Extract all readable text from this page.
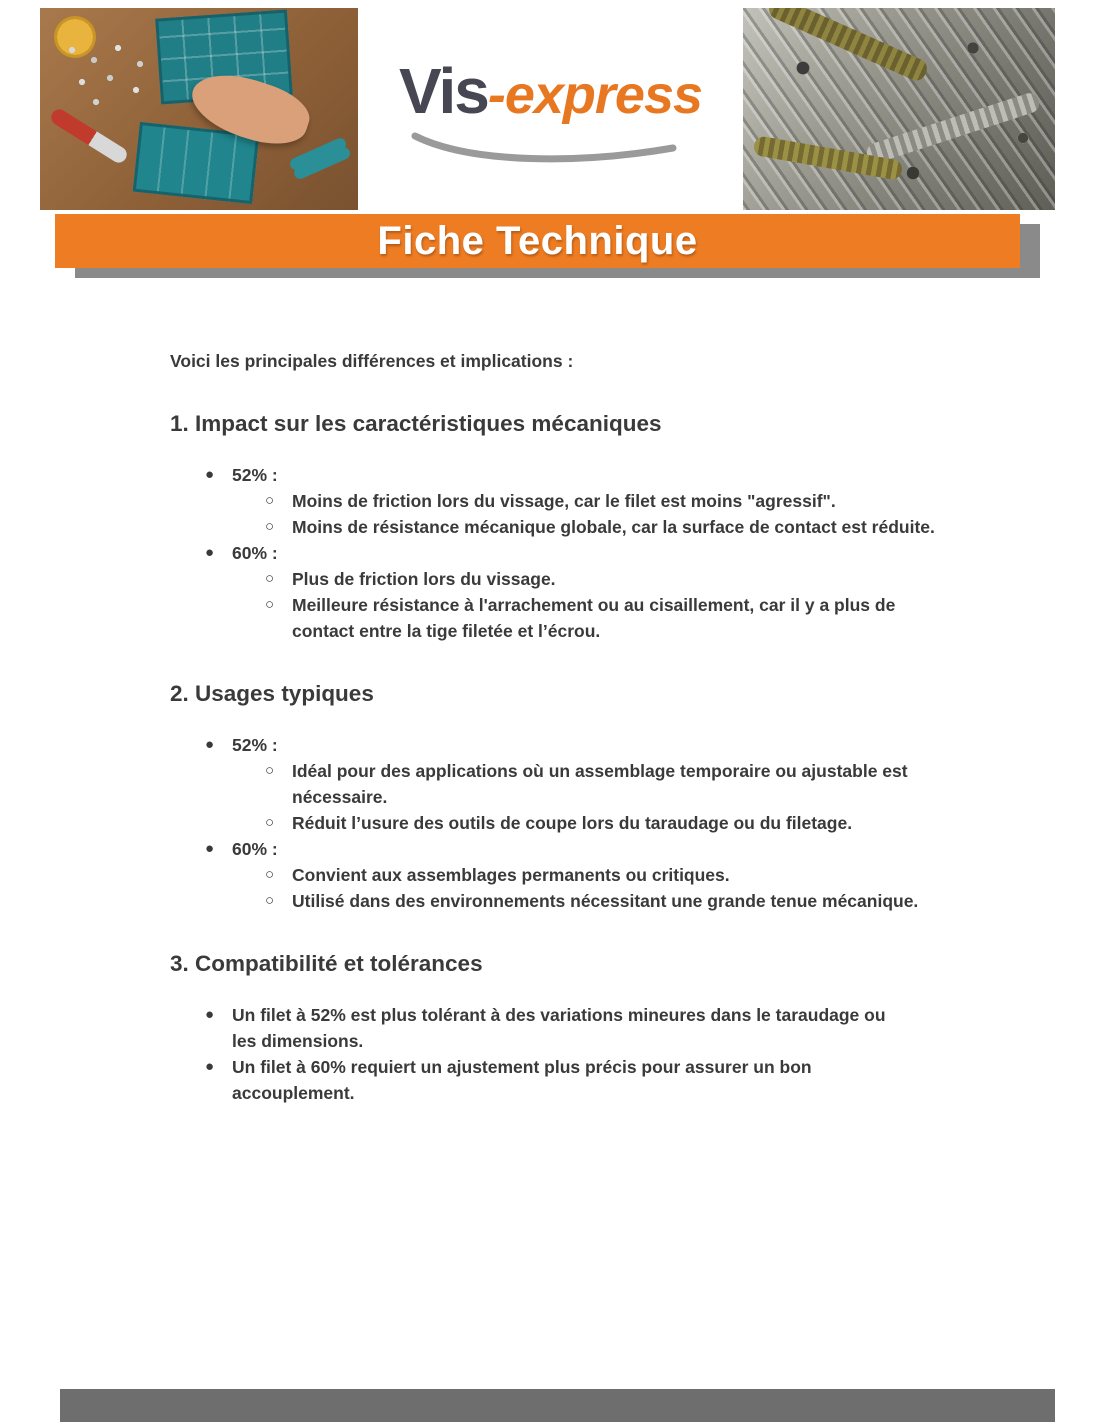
Vis-express
Fiche Technique
Voici les principales différences et implications :
1. Impact sur les caractéristiques mécaniques
●	52% :
○	Moins de friction lors du vissage, car le filet est moins "agressif".
○	Moins de résistance mécanique globale, car la surface de contact est réduite.
●	60% :
○	Plus de friction lors du vissage.
○	Meilleure résistance à l'arrachement ou au cisaillement, car il y a plus de contact entre la tige filetée et l’écrou.
2. Usages typiques
●	52% :
○	Idéal pour des applications où un assemblage temporaire ou ajustable est nécessaire.
○	Réduit l’usure des outils de coupe lors du taraudage ou du filetage.
●	60% :
○	Convient aux assemblages permanents ou critiques.
○	Utilisé dans des environnements nécessitant une grande tenue mécanique.
3. Compatibilité et tolérances
●	Un filet à 52% est plus tolérant à des variations mineures dans le taraudage ou les dimensions.
●	Un filet à 60% requiert un ajustement plus précis pour assurer un bon accouplement.
